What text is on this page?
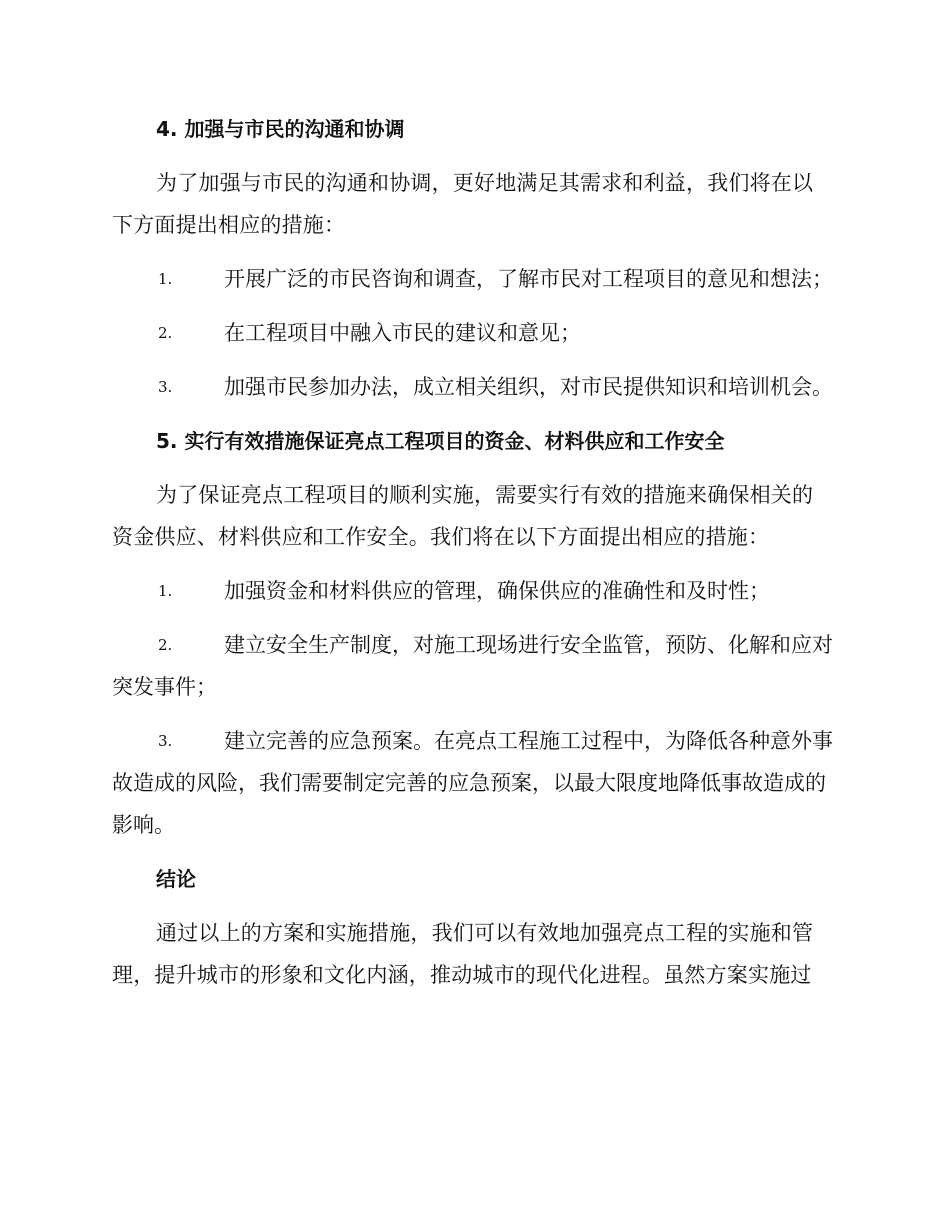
4. 加强与市民的沟通和协调
为了加强与市民的沟通和协调，更好地满足其需求和利益，我们将在以下方面提出相应的措施：
1. 开展广泛的市民咨询和调查，了解市民对工程项目的意见和想法；
2. 在工程项目中融入市民的建议和意见；
3. 加强市民参加办法，成立相关组织，对市民提供知识和培训机会。
5. 实行有效措施保证亮点工程项目的资金、材料供应和工作安全
为了保证亮点工程项目的顺利实施，需要实行有效的措施来确保相关的资金供应、材料供应和工作安全。我们将在以下方面提出相应的措施：
1. 加强资金和材料供应的管理，确保供应的准确性和及时性；
2. 建立安全生产制度，对施工现场进行安全监管，预防、化解和应对突发事件；
3. 建立完善的应急预案。在亮点工程施工过程中，为降低各种意外事故造成的风险，我们需要制定完善的应急预案，以最大限度地降低事故造成的影响。
结论
通过以上的方案和实施措施，我们可以有效地加强亮点工程的实施和管理，提升城市的形象和文化内涵，推动城市的现代化进程。虽然方案实施过
